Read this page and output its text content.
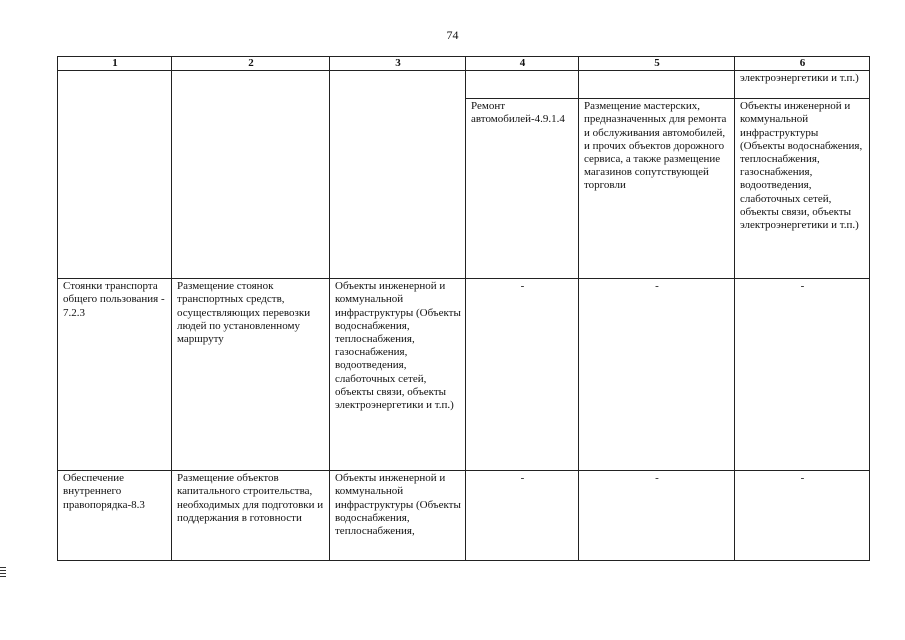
74
1	2	3	4	5	6
					электроэнергетики и т.п.)
			Ремонт автомобилей-4.9.1.4	Размещение мастерских, предназначенных для ремонта и обслуживания автомобилей, и прочих объектов дорожного сервиса, а также размещение магазинов сопутствующей торговли	Объекты инженерной и коммунальной инфраструктуры (Объекты водоснабжения, теплоснабжения, газоснабжения, водоотведения, слаботочных сетей, объекты связи, объекты электроэнергетики и т.п.)
Стоянки транспорта общего пользования - 7.2.3	Размещение стоянок транспортных средств, осуществляющих перевозки людей по установленному маршруту	Объекты инженерной и коммунальной инфраструктуры (Объекты водоснабжения, теплоснабжения, газоснабжения, водоотведения, слаботочных сетей, объекты связи, объекты электроэнергетики и т.п.)	-	-	-
Обеспечение внутреннего правопорядка-8.3	Размещение объектов капитального строительства, необходимых для подготовки и поддержания в готовности	Объекты инженерной и коммунальной инфраструктуры (Объекты водоснабжения, теплоснабжения,	-	-	-
